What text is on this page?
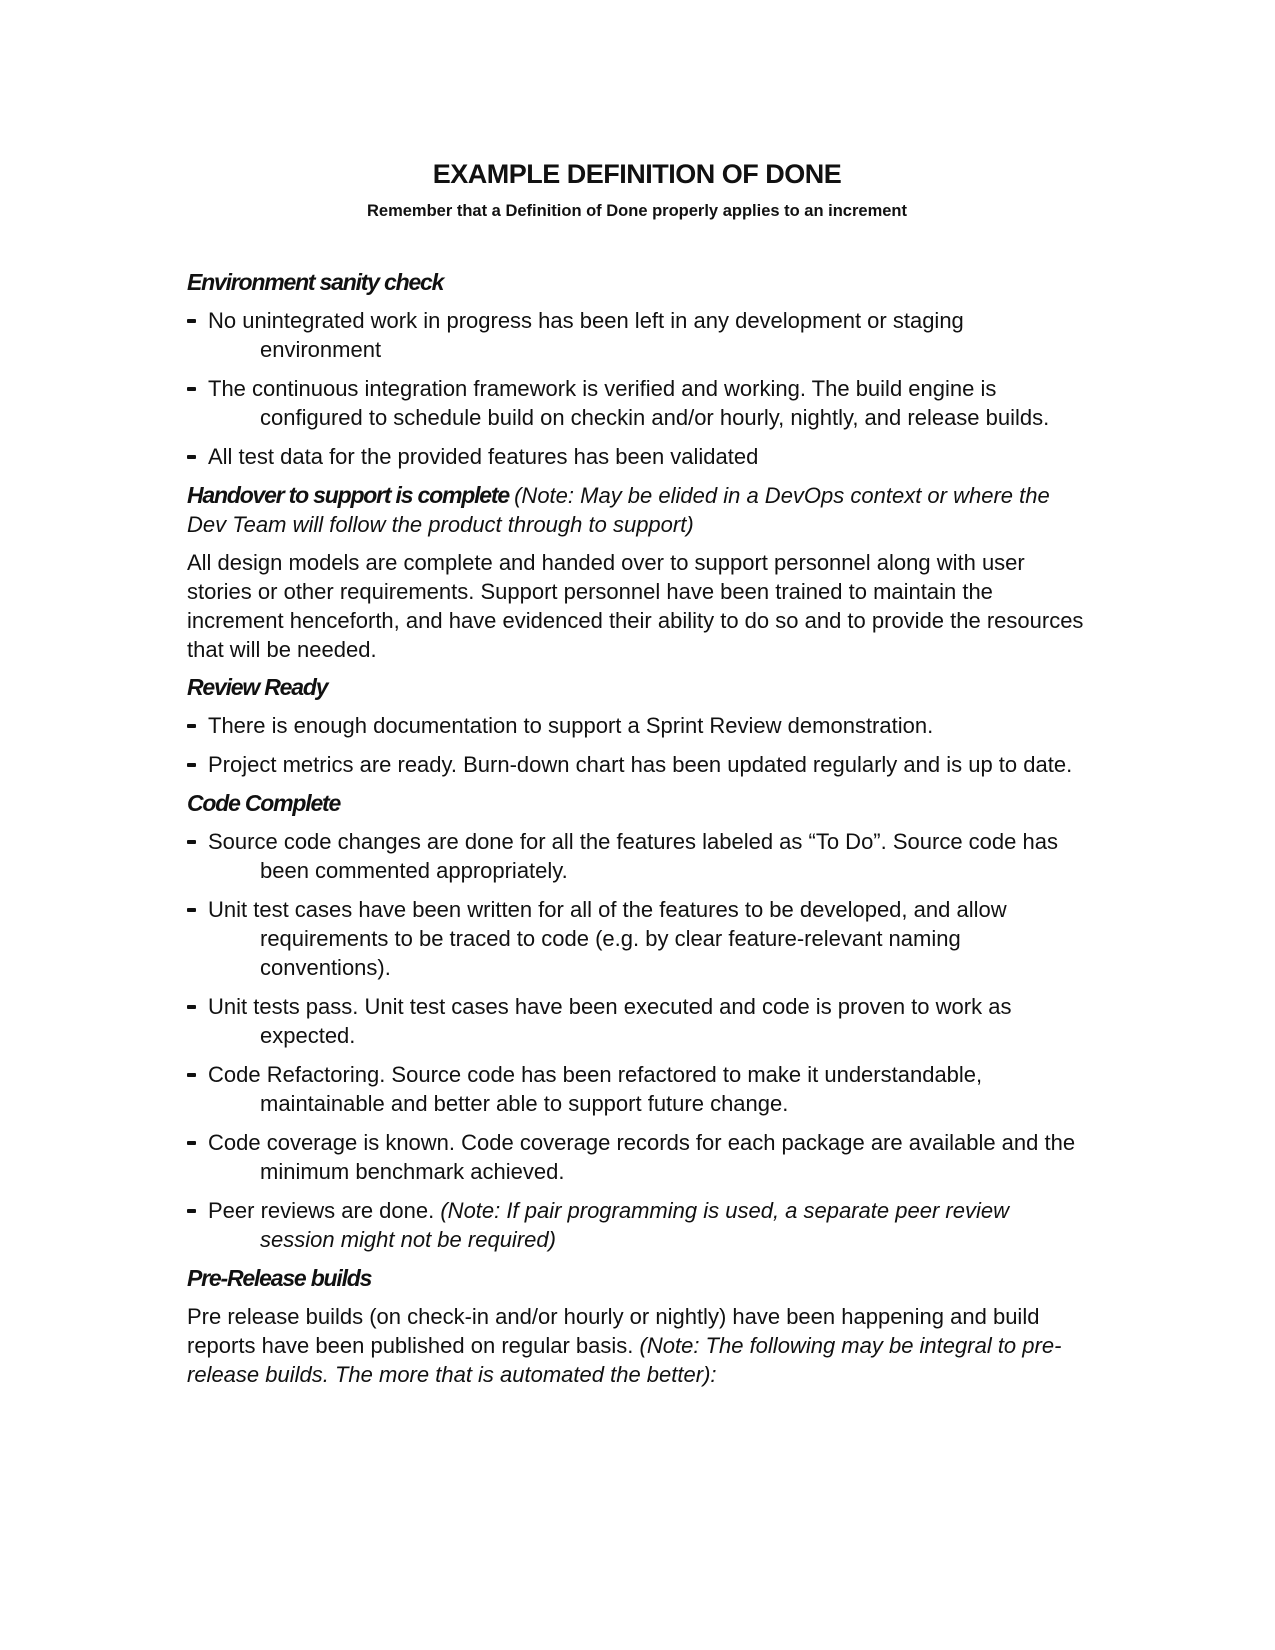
EXAMPLE DEFINITION OF DONE
Remember that a Definition of Done properly applies to an increment
Environment sanity check
No unintegrated work in progress has been left in any development or staging environment
The continuous integration framework is verified and working. The build engine is configured to schedule build on checkin and/or hourly, nightly, and release builds.
All test data for the provided features has been validated
Handover to support is complete (Note: May be elided in a DevOps context or where the Dev Team will follow the product through to support)
All design models are complete and handed over to support personnel along with user stories or other requirements. Support personnel have been trained to maintain the increment henceforth, and have evidenced their ability to do so and to provide the resources that will be needed.
Review Ready
There is enough documentation to support a Sprint Review demonstration.
Project metrics are ready. Burn-down chart has been updated regularly and is up to date.
Code Complete
Source code changes are done for all the features labeled as “To Do”. Source code has been commented appropriately.
Unit test cases have been written for all of the features to be developed, and allow requirements to be traced to code (e.g. by clear feature-relevant naming conventions).
Unit tests pass. Unit test cases have been executed and code is proven to work as expected.
Code Refactoring. Source code has been refactored to make it understandable, maintainable and better able to support future change.
Code coverage is known. Code coverage records for each package are available and the minimum benchmark achieved.
Peer reviews are done. (Note: If pair programming is used, a separate peer review session might not be required)
Pre-Release builds
Pre release builds (on check-in and/or hourly or nightly) have been happening and build reports have been published on regular basis. (Note: The following may be integral to pre-release builds. The more that is automated the better):
